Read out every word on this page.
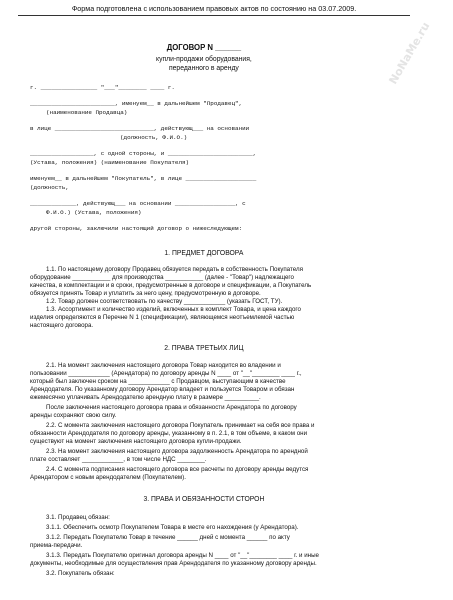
Форма подготовлена с использованием правовых актов по состоянию на 03.07.2009.
NoNaMe.ru
ДОГОВОР N ______
купли-продажи оборудования,
переданного в аренду
г. ________________ "___"________ ____ г.
________________________, именуем__ в дальнейшем "Продавец",
(наименование Продавца)
в лице ____________________________, действующ___ на основании
(должность, Ф.И.О.)
__________________, с одной стороны, и ________________________,
(Устава, положения) (наименование Покупателя)
именуем__ в дальнейшем "Покупатель", в лице ____________________
(должность,
_____________, действующ___ на основании _________________, с
Ф.И.О.) (Устава, положения)
другой стороны, заключили настоящий договор о нижеследующем:
1. ПРЕДМЕТ ДОГОВОРА
1.1. По настоящему договору Продавец обязуется передать в собственность Покупателя
оборудование ___________ для производства ___________ (далее - "Товар") надлежащего
качества, в комплектации и в сроки, предусмотренные в договоре и спецификации, а Покупатель
обязуется принять Товар и уплатить за него цену, предусмотренную в договоре.
1.2. Товар должен соответствовать по качеству ____________ (указать ГОСТ, ТУ).
1.3. Ассортимент и количество изделий, включенных в комплект Товара, и цена каждого
изделия определяются в Перечне N 1 (спецификации), являющемся неотъемлемой частью
настоящего договора.
2. ПРАВА ТРЕТЬИХ ЛИЦ
2.1. На момент заключения настоящего договора Товар находится во владении и
пользовании ____________ (Арендатора) по договору аренды N ____ от "__"________ ____ г.,
который был заключен сроком на ____________ с Продавцом, выступающим в качестве
Арендодателя. По указанному договору Арендатор владеет и пользуется Товаром и обязан
ежемесячно уплачивать Арендодателю арендную плату в размере __________.
После заключения настоящего договора права и обязанности Арендатора по договору
аренды сохраняют свою силу.
2.2. С момента заключения настоящего договора Покупатель принимает на себя все права и
обязанности Арендодателя по договору аренды, указанному в п. 2.1, в том объеме, в каком они
существуют на момент заключения настоящего договора купли-продажи.
2.3. На момент заключения настоящего договора задолженность Арендатора по арендной
плате составляет ____________, в том числе НДС ________.
2.4. С момента подписания настоящего договора все расчеты по договору аренды ведутся
Арендатором с новым арендодателем (Покупателем).
3. ПРАВА И ОБЯЗАННОСТИ СТОРОН
3.1. Продавец обязан:
3.1.1. Обеспечить осмотр Покупателем Товара в месте его нахождения (у Арендатора).
3.1.2. Передать Покупателю Товар в течение ______ дней с момента ______ по акту
приема-передачи.
3.1.3. Передать Покупателю оригинал договора аренды N ____ от "__"________ ____ г. и иные
документы, необходимые для осуществления прав Арендодателя по указанному договору аренды.
3.2. Покупатель обязан:
